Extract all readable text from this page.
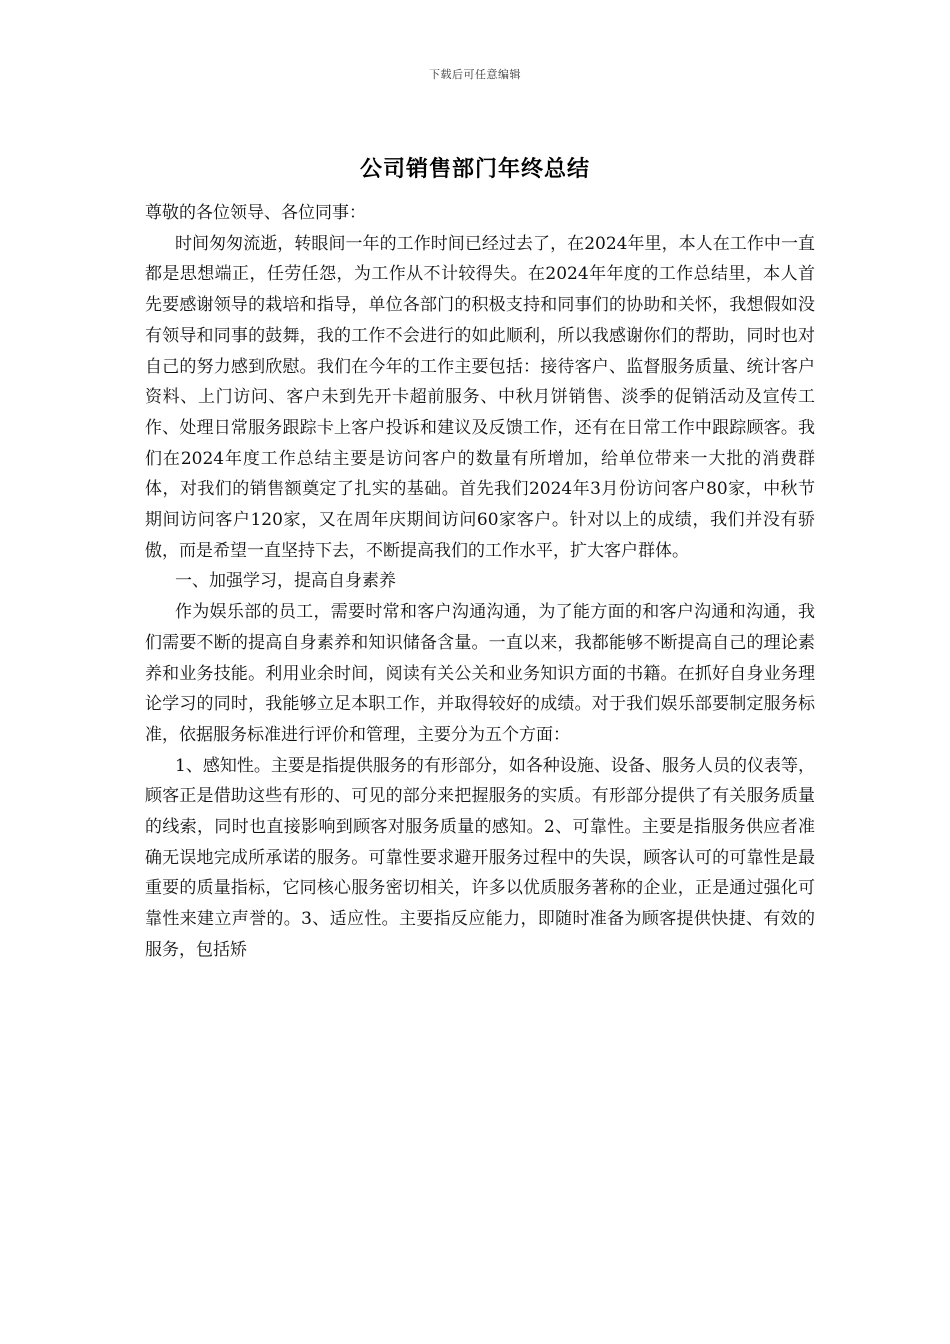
下载后可任意编辑
公司销售部门年终总结

尊敬的各位领导、各位同事：

时间匆匆流逝，转眼间一年的工作时间已经过去了，在2024年里，本人在工作中一直都是思想端正，任劳任怨，为工作从不计较得失。在2024年年度的工作总结里，本人首先要感谢领导的栽培和指导，单位各部门的积极支持和同事们的协助和关怀，我想假如没有领导和同事的鼓舞，我的工作不会进行的如此顺利，所以我感谢你们的帮助，同时也对自己的努力感到欣慰。我们在今年的工作主要包括：接待客户、监督服务质量、统计客户资料、上门访问、客户未到先开卡超前服务、中秋月饼销售、淡季的促销活动及宣传工作、处理日常服务跟踪卡上客户投诉和建议及反馈工作，还有在日常工作中跟踪顾客。我们在2024年度工作总结主要是访问客户的数量有所增加，给单位带来一大批的消费群体，对我们的销售额奠定了扎实的基础。首先我们2024年3月份访问客户80家，中秋节期间访问客户120家，又在周年庆期间访问60家客户。针对以上的成绩，我们并没有骄傲，而是希望一直坚持下去，不断提高我们的工作水平，扩大客户群体。

一、加强学习，提高自身素养

作为娱乐部的员工，需要时常和客户沟通沟通，为了能方面的和客户沟通和沟通，我们需要不断的提高自身素养和知识储备含量。一直以来，我都能够不断提高自己的理论素养和业务技能。利用业余时间，阅读有关公关和业务知识方面的书籍。在抓好自身业务理论学习的同时，我能够立足本职工作，并取得较好的成绩。对于我们娱乐部要制定服务标准，依据服务标准进行评价和管理，主要分为五个方面：

1、感知性。主要是指提供服务的有形部分，如各种设施、设备、服务人员的仪表等，顾客正是借助这些有形的、可见的部分来把握服务的实质。有形部分提供了有关服务质量的线索，同时也直接影响到顾客对服务质量的感知。2、可靠性。主要是指服务供应者准确无误地完成所承诺的服务。可靠性要求避开服务过程中的失误，顾客认可的可靠性是最重要的质量指标，它同核心服务密切相关，许多以优质服务著称的企业，正是通过强化可靠性来建立声誉的。3、适应性。主要指反应能力，即随时准备为顾客提供快捷、有效的服务，包括矫
